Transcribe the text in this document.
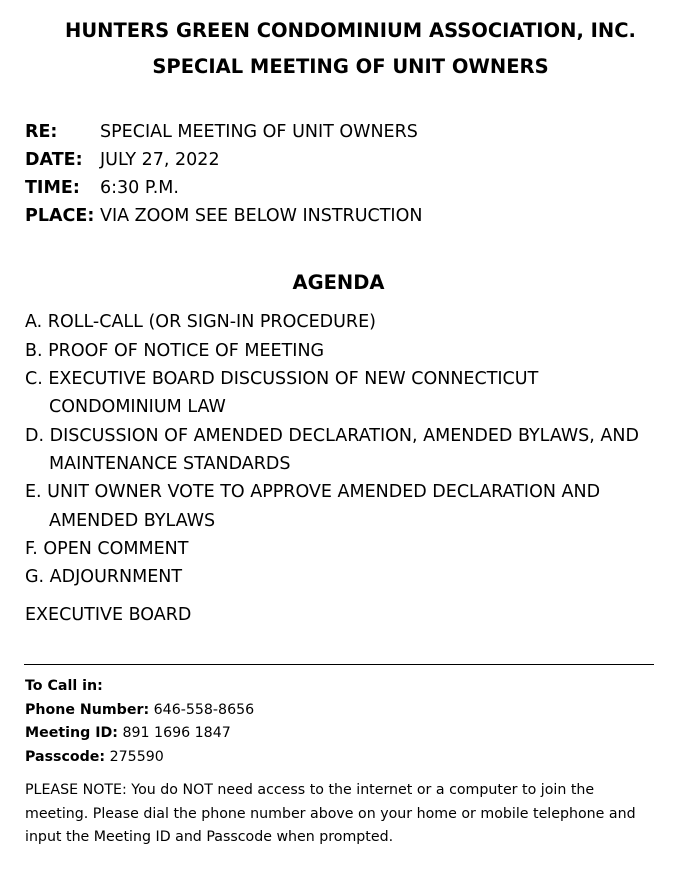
HUNTERS GREEN CONDOMINIUM ASSOCIATION, INC.
SPECIAL MEETING OF UNIT OWNERS
RE: SPECIAL MEETING OF UNIT OWNERS
DATE: JULY 27, 2022
TIME: 6:30 P.M.
PLACE: VIA ZOOM SEE BELOW INSTRUCTION
AGENDA
A. ROLL-CALL (OR SIGN-IN PROCEDURE)
B. PROOF OF NOTICE OF MEETING
C. EXECUTIVE BOARD DISCUSSION OF NEW CONNECTICUT
CONDOMINIUM LAW
D. DISCUSSION OF AMENDED DECLARATION, AMENDED BYLAWS, AND
MAINTENANCE STANDARDS
E. UNIT OWNER VOTE TO APPROVE AMENDED DECLARATION AND
AMENDED BYLAWS
F. OPEN COMMENT
G. ADJOURNMENT
EXECUTIVE BOARD
To Call in:
Phone Number: 646-558-8656
Meeting ID: 891 1696 1847
Passcode: 275590
PLEASE NOTE: You do NOT need access to the internet or a computer to join the
meeting. Please dial the phone number above on your home or mobile telephone and
input the Meeting ID and Passcode when prompted.
